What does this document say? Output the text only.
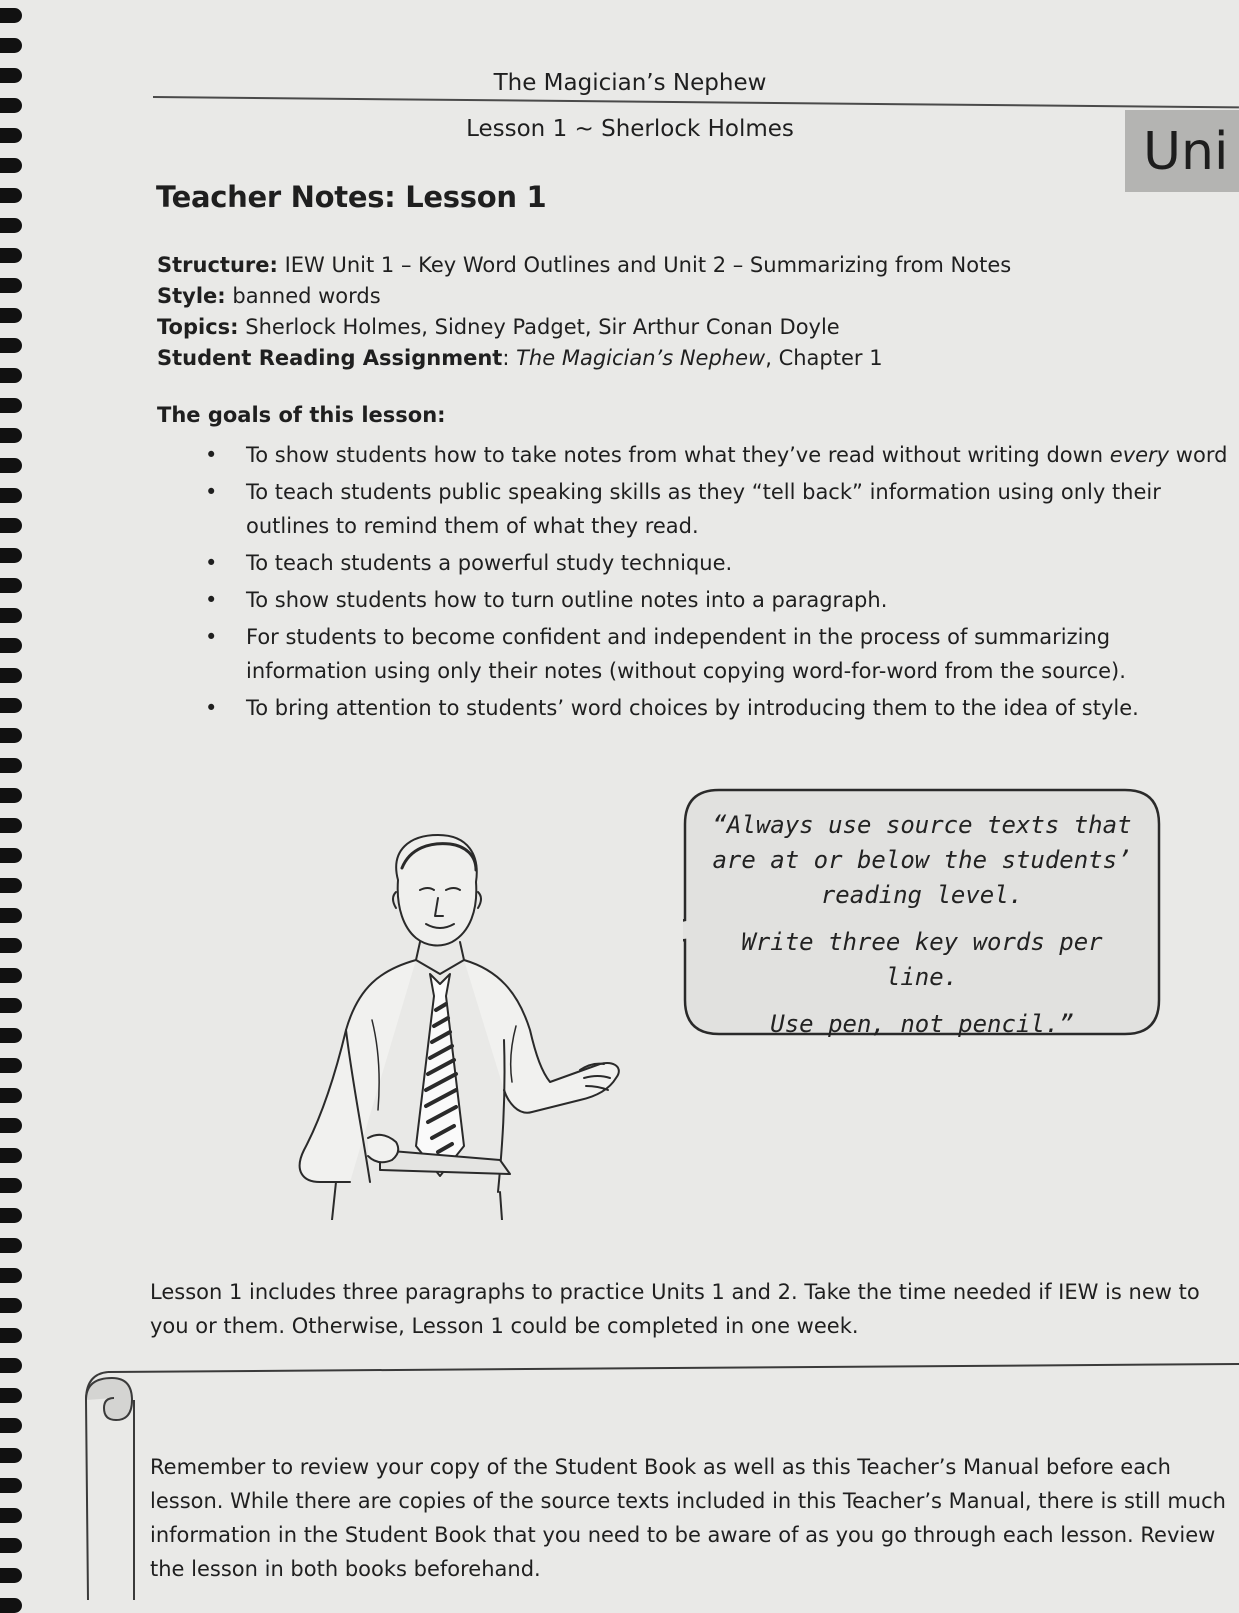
The Magician’s Nephew
Lesson 1 ~ Sherlock Holmes	Uni
Teacher Notes: Lesson 1
Structure: IEW Unit 1 – Key Word Outlines and Unit 2 – Summarizing from Notes
Style: banned words
Topics: Sherlock Holmes, Sidney Padget, Sir Arthur Conan Doyle
Student Reading Assignment: The Magician’s Nephew, Chapter 1
The goals of this lesson:
• To show students how to take notes from what they’ve read without writing down every word
• To teach students public speaking skills as they “tell back” information using only their
outlines to remind them of what they read.
• To teach students a powerful study technique.
• To show students how to turn outline notes into a paragraph.
• For students to become confident and independent in the process of summarizing
information using only their notes (without copying word-for-word from the source).
• To bring attention to students’ word choices by introducing them to the idea of style.

“Always use source texts that

are at or below the students’

reading level.

Write three key words per line.

Use pen, not pencil.”

Lesson 1 includes three paragraphs to practice Units 1 and 2. Take the time needed if IEW is new to
you or them. Otherwise, Lesson 1 could be completed in one week.
Remember to review your copy of the Student Book as well as this Teacher’s Manual before each
lesson. While there are copies of the source texts included in this Teacher’s Manual, there is still much
information in the Student Book that you need to be aware of as you go through each lesson. Review
the lesson in both books beforehand.
